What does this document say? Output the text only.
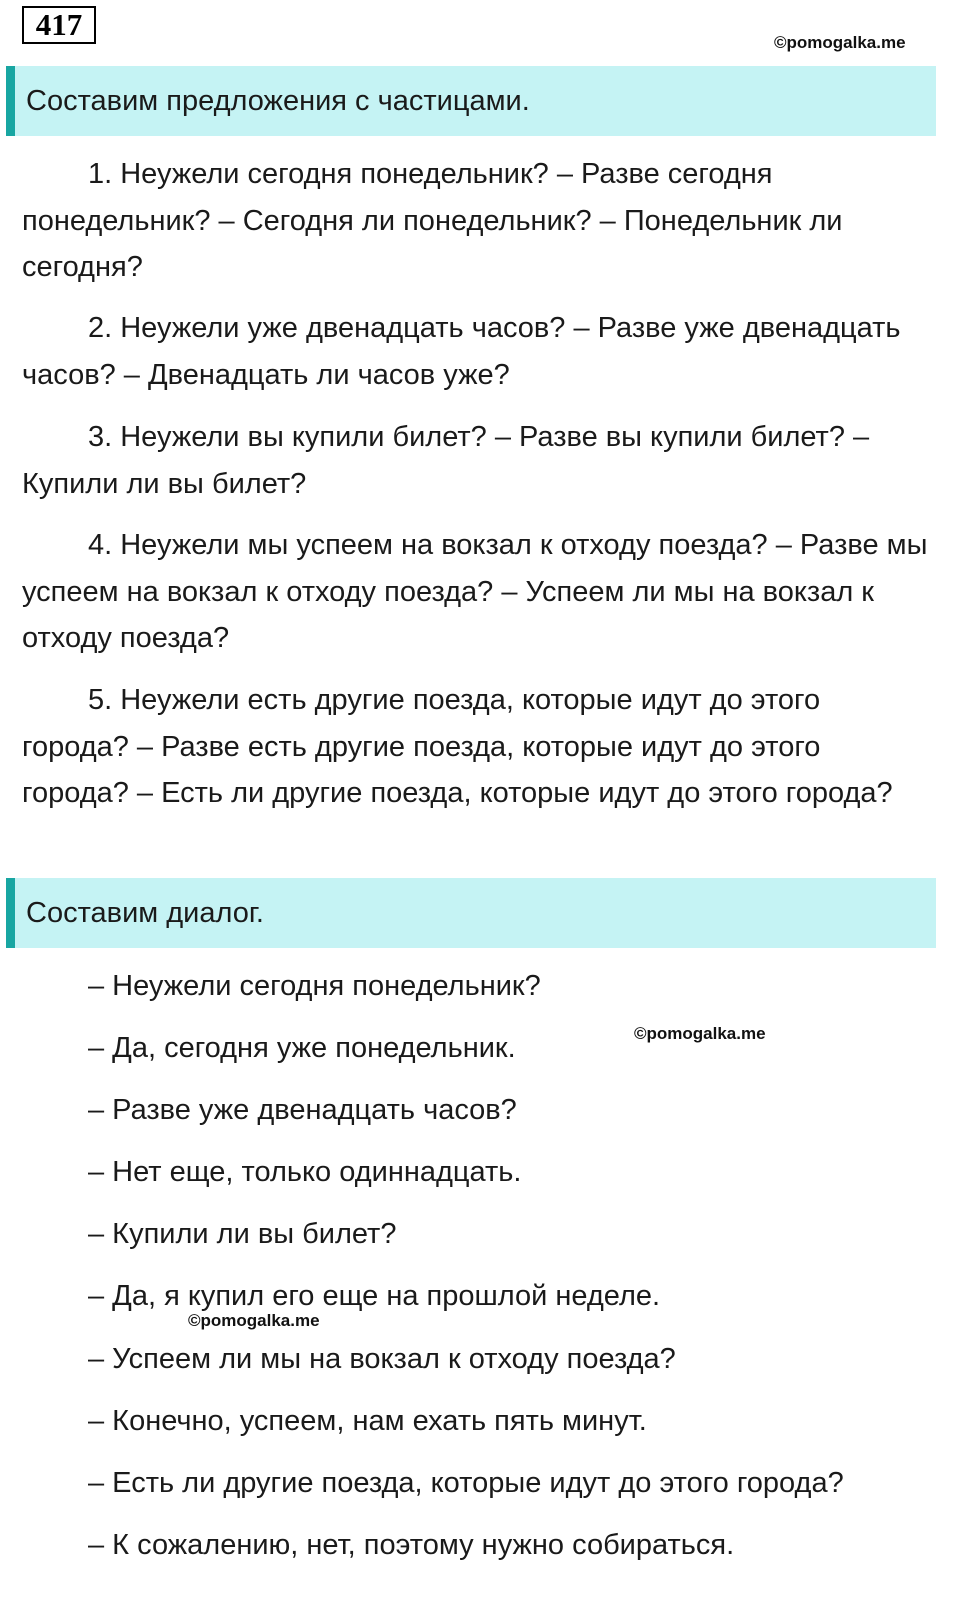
417
©pomogalka.me
Составим предложения с частицами.

1. Неужели сегодня понедельник? – Разве сегодня понедельник? – Сегодня ли понедельник? – Понедельник ли сегодня?

2. Неужели уже двенадцать часов? – Разве уже двенадцать часов? – Двенадцать ли часов уже?

3. Неужели вы купили билет? – Разве вы купили билет? – Купили ли вы билет?

4. Неужели мы успеем на вокзал к отходу поезда? – Разве мы успеем на вокзал к отходу поезда? – Успеем ли мы на вокзал к отходу поезда?

5. Неужели есть другие поезда, которые идут до этого города? – Разве есть другие поезда, которые идут до этого города? – Есть ли другие поезда, которые идут до этого города?

Составим диалог.
– Неужели сегодня понедельник?
– Да, сегодня уже понедельник.
– Разве уже двенадцать часов?
– Нет еще, только одиннадцать.
– Купили ли вы билет?
– Да, я купил его еще на прошлой неделе.
– Успеем ли мы на вокзал к отходу поезда?
– Конечно, успеем, нам ехать пять минут.
– Есть ли другие поезда, которые идут до этого города?
– К сожалению, нет, поэтому нужно собираться.
©pomogalka.me
©pomogalka.me
